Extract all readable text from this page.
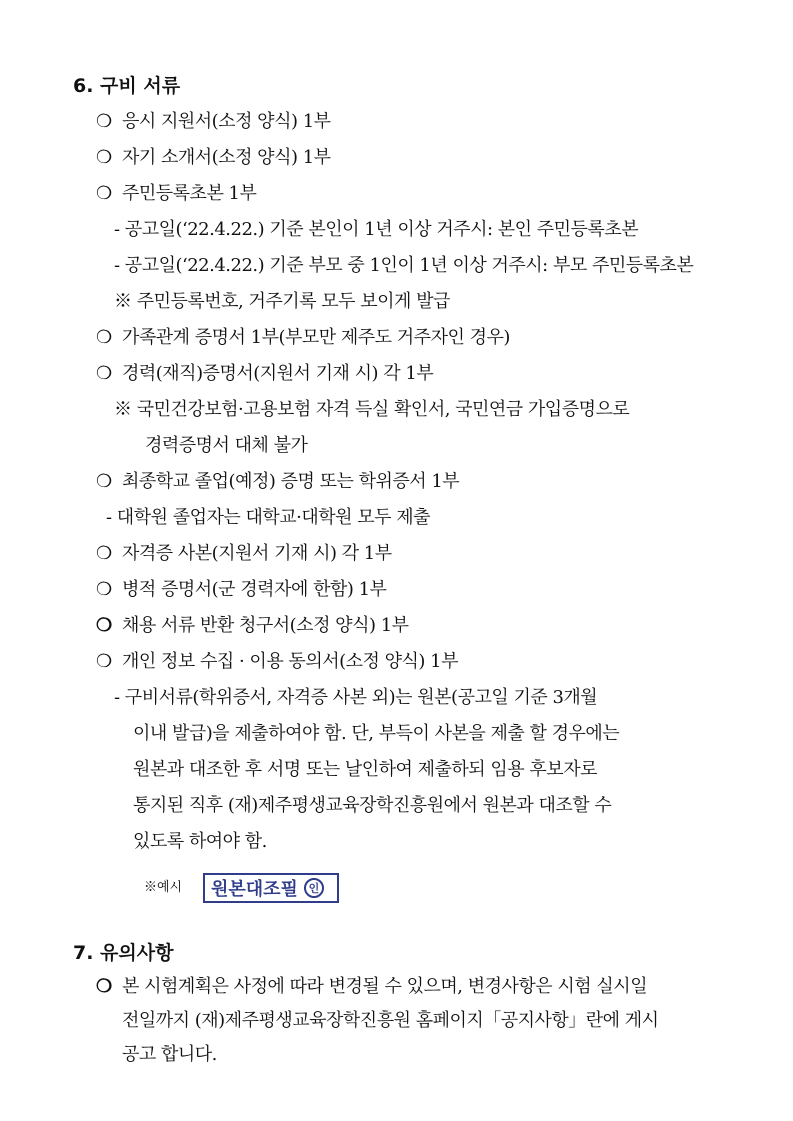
6. 구비 서류
❍ 응시 지원서(소정 양식) 1부
❍ 자기 소개서(소정 양식) 1부
❍ 주민등록초본 1부
- 공고일(‘22.4.22.) 기준 본인이 1년 이상 거주시: 본인 주민등록초본
- 공고일(‘22.4.22.) 기준 부모 중 1인이 1년 이상 거주시: 부모 주민등록초본
※ 주민등록번호, 거주기록 모두 보이게 발급
❍ 가족관계 증명서 1부(부모만 제주도 거주자인 경우)
❍ 경력(재직)증명서(지원서 기재 시) 각 1부
※ 국민건강보험·고용보험 자격 득실 확인서, 국민연금 가입증명으로
경력증명서 대체 불가
❍ 최종학교 졸업(예정) 증명 또는 학위증서 1부
- 대학원 졸업자는 대학교·대학원 모두 제출
❍ 자격증 사본(지원서 기재 시) 각 1부
❍ 병적 증명서(군 경력자에 한함) 1부
❍ 채용 서류 반환 청구서(소정 양식) 1부
❍ 개인 정보 수집 · 이용 동의서(소정 양식) 1부
- 구비서류(학위증서, 자격증 사본 외)는 원본(공고일 기준 3개월
이내 발급)을 제출하여야 함. 단, 부득이 사본을 제출 할 경우에는
원본과 대조한 후 서명 또는 날인하여 제출하되 임용 후보자로
통지된 직후 (재)제주평생교육장학진흥원에서 원본과 대조할 수
있도록 하여야 함.
※예시 원본대조필 인
7. 유의사항
❍ 본 시험계획은 사정에 따라 변경될 수 있으며, 변경사항은 시험 실시일
전일까지 (재)제주평생교육장학진흥원 홈페이지「공지사항」란에 게시
공고 합니다.
